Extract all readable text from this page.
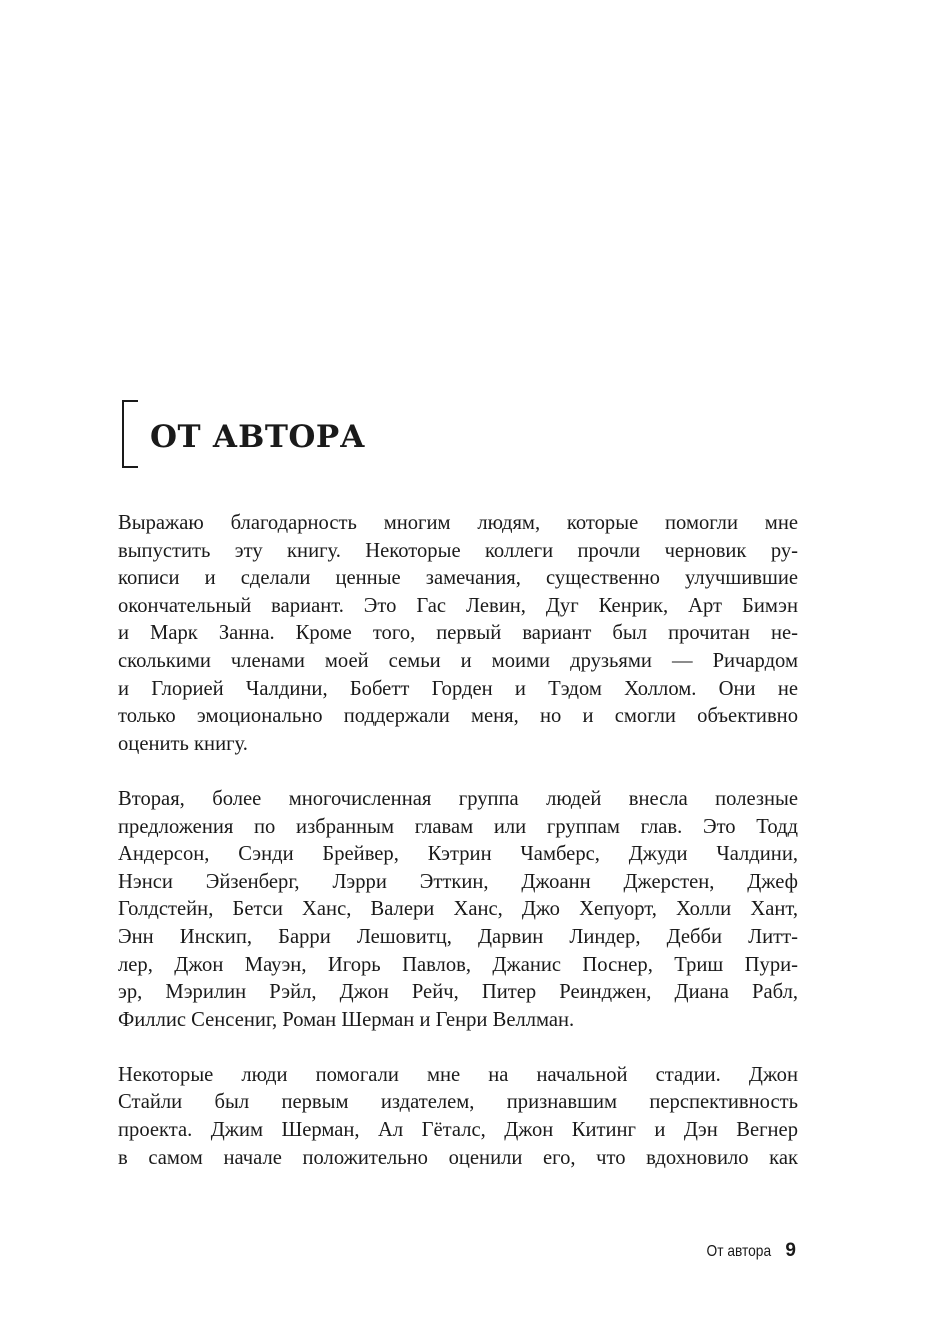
ОТ АВТОРА

Выражаю благодарность многим людям, которые помогли мне
выпустить эту книгу. Некоторые коллеги прочли черновик ру-
кописи и сделали ценные замечания, существенно улучшившие
окончательный вариант. Это Гас Левин, Дуг Кенрик, Арт Бимэн
и Марк Занна. Кроме того, первый вариант был прочитан не-
сколькими членами моей семьи и моими друзьями — Ричардом
и Глорией Чалдини, Бобетт Горден и Тэдом Холлом. Они не
только эмоционально поддержали меня, но и смогли объективно
оценить книгу.

Вторая, более многочисленная группа людей внесла полезные
предложения по избранным главам или группам глав. Это Тодд
Андерсон, Сэнди Брейвер, Кэтрин Чамберс, Джуди Чалдини,
Нэнси Эйзенберг, Лэрри Этткин, Джоанн Джерстен, Джеф
Голдстейн, Бетси Ханс, Валери Ханс, Джо Хепуорт, Холли Хант,
Энн Инскип, Барри Лешовитц, Дарвин Линдер, Дебби Литт-
лер, Джон Мауэн, Игорь Павлов, Джанис Поснер, Триш Пури-
эр, Мэрилин Рэйл, Джон Рейч, Питер Реинджен, Диана Рабл,
Филлис Сенсениг, Роман Шерман и Генри Веллман.

Некоторые люди помогали мне на начальной стадии. Джон
Стайли был первым издателем, признавшим перспективность
проекта. Джим Шерман, Ал Гёталс, Джон Китинг и Дэн Вегнер
в самом начале положительно оценили его, что вдохновило как

От автора 9
